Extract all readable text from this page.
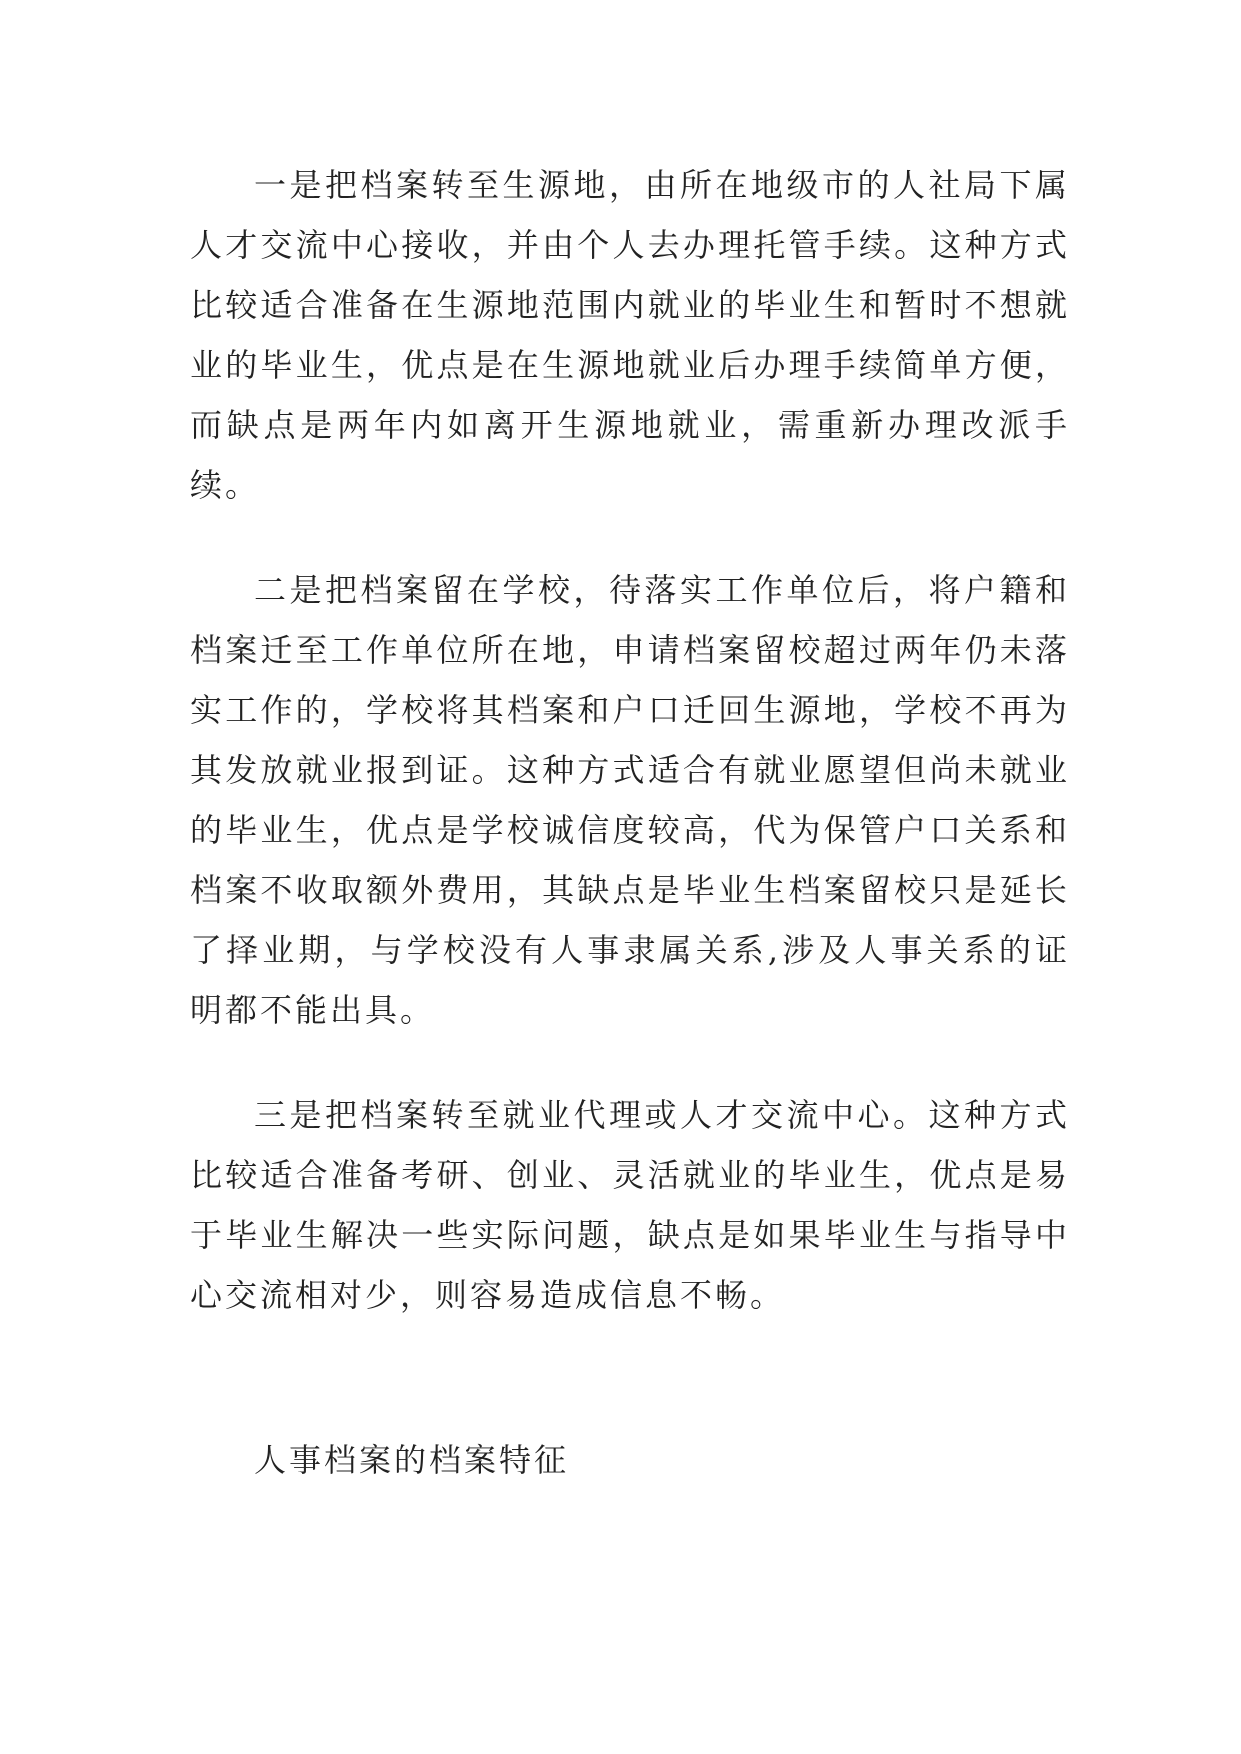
一是把档案转至生源地，由所在地级市的人社局下属人才交流中心接收，并由个人去办理托管手续。这种方式比较适合准备在生源地范围内就业的毕业生和暂时不想就业的毕业生，优点是在生源地就业后办理手续简单方便，而缺点是两年内如离开生源地就业，需重新办理改派手续。

二是把档案留在学校，待落实工作单位后，将户籍和档案迁至工作单位所在地，申请档案留校超过两年仍未落实工作的，学校将其档案和户口迁回生源地，学校不再为其发放就业报到证。这种方式适合有就业愿望但尚未就业的毕业生，优点是学校诚信度较高，代为保管户口关系和档案不收取额外费用，其缺点是毕业生档案留校只是延长了择业期，与学校没有人事隶属关系,涉及人事关系的证明都不能出具。

三是把档案转至就业代理或人才交流中心。这种方式比较适合准备考研、创业、灵活就业的毕业生，优点是易于毕业生解决一些实际问题，缺点是如果毕业生与指导中心交流相对少，则容易造成信息不畅。

人事档案的档案特征
